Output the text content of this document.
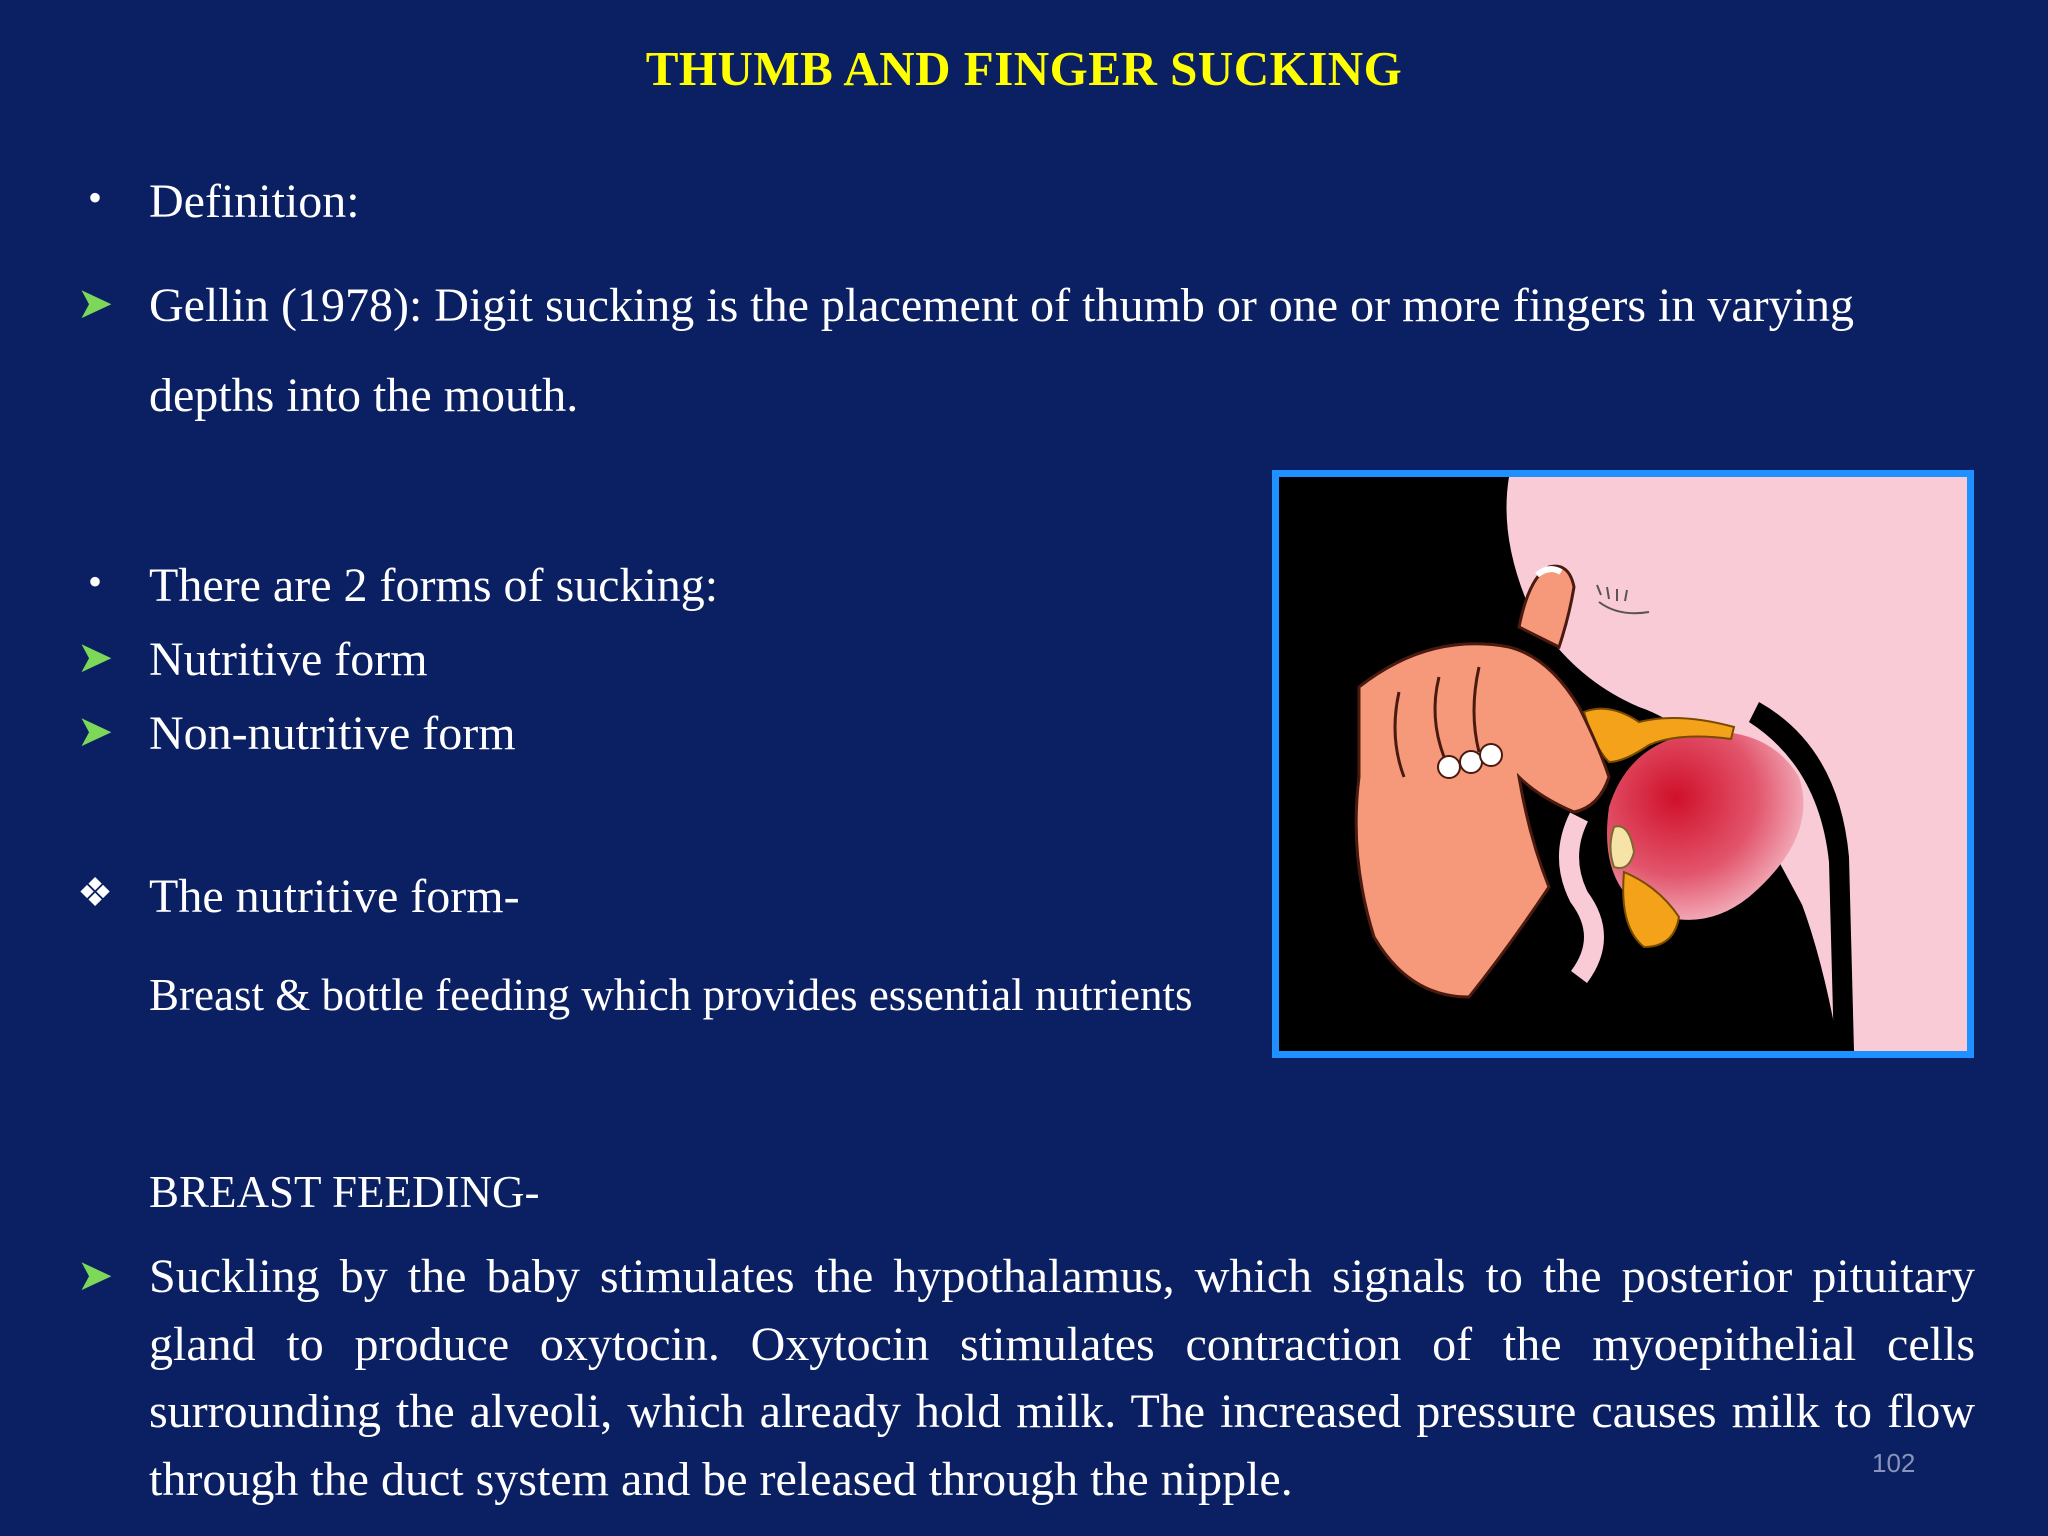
THUMB AND FINGER SUCKING
• Definition:
➤ Gellin (1978): Digit sucking is the placement of thumb or one or more fingers in varying
depths into the mouth.
• There are 2 forms of sucking:
➤ Nutritive form
➤ Non-nutritive form
❖ The nutritive form-
Breast & bottle feeding which provides essential nutrients
BREAST FEEDING-
➤ Suckling by the baby stimulates the hypothalamus, which signals to the posterior pituitary gland to produce oxytocin. Oxytocin stimulates contraction of the myoepithelial cells surrounding the alveoli, which already hold milk. The increased pressure causes milk to flow through the duct system and be released through the nipple.	102
